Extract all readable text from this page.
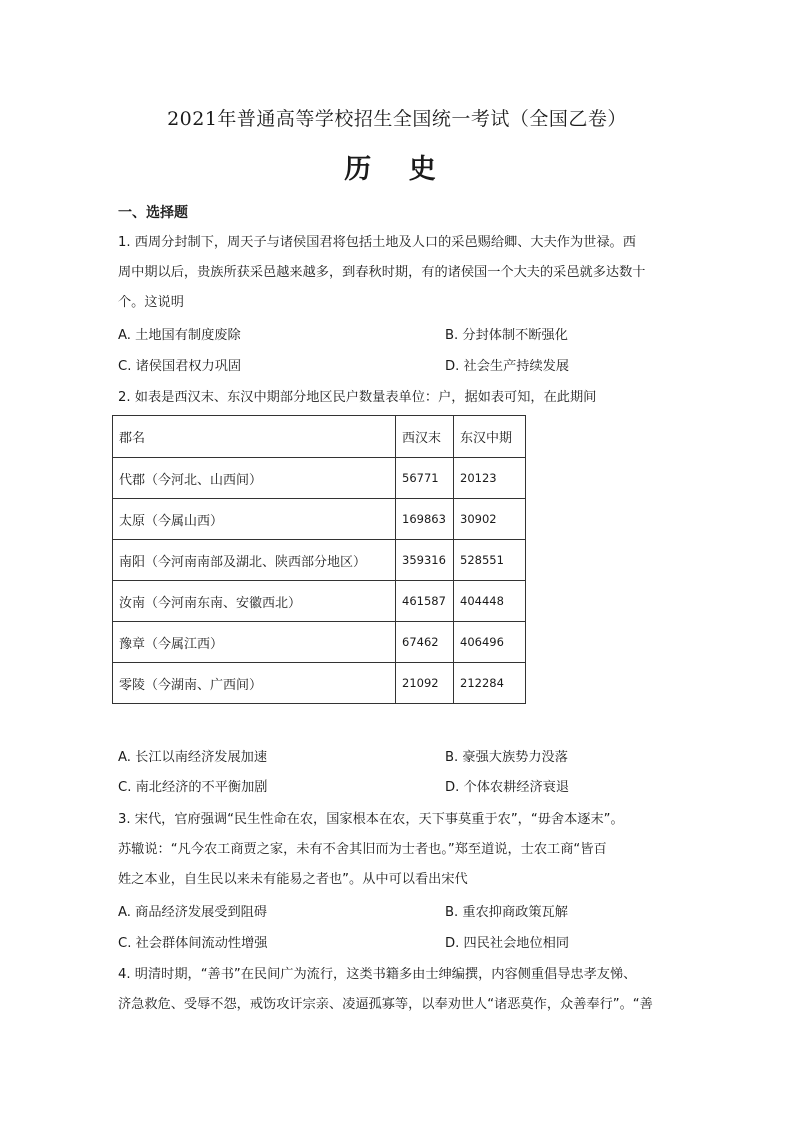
2021年普通高等学校招生全国统一考试（全国乙卷）
历 史
一、选择题
1. 西周分封制下，周天子与诸侯国君将包括土地及人口的采邑赐给卿、大夫作为世禄。西
周中期以后，贵族所获采邑越来越多，到春秋时期，有的诸侯国一个大夫的采邑就多达数十
个。这说明
A. 土地国有制度废除	B. 分封体制不断强化
C. 诸侯国君权力巩固	D. 社会生产持续发展
2. 如表是西汉末、东汉中期部分地区民户数量表单位：户，据如表可知，在此期间
郡名	西汉末	东汉中期
代郡（今河北、山西间）	56771	20123
太原（今属山西）	169863	30902
南阳（今河南南部及湖北、陕西部分地区）	359316	528551
汝南（今河南东南、安徽西北）	461587	404448
豫章（今属江西）	67462	406496
零陵（今湖南、广西间）	21092	212284
A. 长江以南经济发展加速	B. 豪强大族势力没落
C. 南北经济的不平衡加剧	D. 个体农耕经济衰退
3. 宋代，官府强调“民生性命在农，国家根本在农，天下事莫重于农”，“毋舍本逐末”。
苏辙说：“凡今农工商贾之家，未有不舍其旧而为士者也。”郑至道说，士农工商“皆百
姓之本业，自生民以来未有能易之者也”。从中可以看出宋代
A. 商品经济发展受到阻碍	B. 重农抑商政策瓦解
C. 社会群体间流动性增强	D. 四民社会地位相同
4. 明清时期，“善书”在民间广为流行，这类书籍多由士绅编撰，内容侧重倡导忠孝友悌、
济急救危、受辱不怨，戒饬攻讦宗亲、凌逼孤寡等，以奉劝世人“诸恶莫作，众善奉行”。“善
